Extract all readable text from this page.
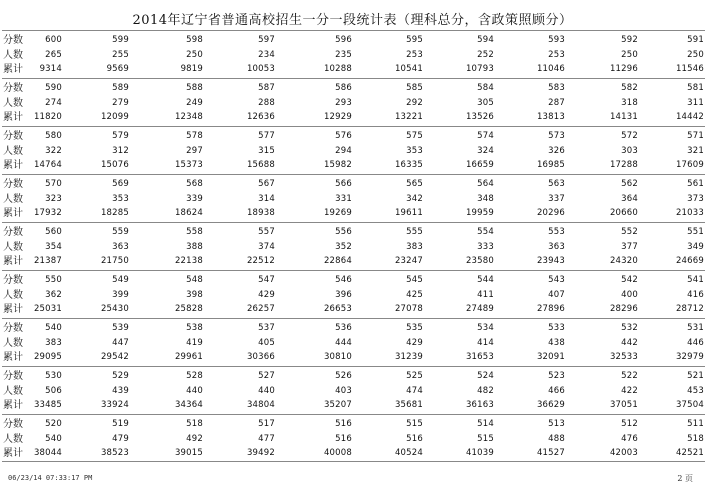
2014年辽宁省普通高校招生一分一段统计表（理科总分，含政策照顾分）
分数	600	599	598	597	596	595	594	593	592	591
人数	265	255	250	234	235	253	252	253	250	250
累计	9314	9569	9819	10053	10288	10541	10793	11046	11296	11546
分数	590	589	588	587	586	585	584	583	582	581
人数	274	279	249	288	293	292	305	287	318	311
累计	11820	12099	12348	12636	12929	13221	13526	13813	14131	14442
分数	580	579	578	577	576	575	574	573	572	571
人数	322	312	297	315	294	353	324	326	303	321
累计	14764	15076	15373	15688	15982	16335	16659	16985	17288	17609
分数	570	569	568	567	566	565	564	563	562	561
人数	323	353	339	314	331	342	348	337	364	373
累计	17932	18285	18624	18938	19269	19611	19959	20296	20660	21033
分数	560	559	558	557	556	555	554	553	552	551
人数	354	363	388	374	352	383	333	363	377	349
累计	21387	21750	22138	22512	22864	23247	23580	23943	24320	24669
分数	550	549	548	547	546	545	544	543	542	541
人数	362	399	398	429	396	425	411	407	400	416
累计	25031	25430	25828	26257	26653	27078	27489	27896	28296	28712
分数	540	539	538	537	536	535	534	533	532	531
人数	383	447	419	405	444	429	414	438	442	446
累计	29095	29542	29961	30366	30810	31239	31653	32091	32533	32979
分数	530	529	528	527	526	525	524	523	522	521
人数	506	439	440	440	403	474	482	466	422	453
累计	33485	33924	34364	34804	35207	35681	36163	36629	37051	37504
分数	520	519	518	517	516	515	514	513	512	511
人数	540	479	492	477	516	516	515	488	476	518
累计	38044	38523	39015	39492	40008	40524	41039	41527	42003	42521
06/23/14 07:33:17 PM	2 页
